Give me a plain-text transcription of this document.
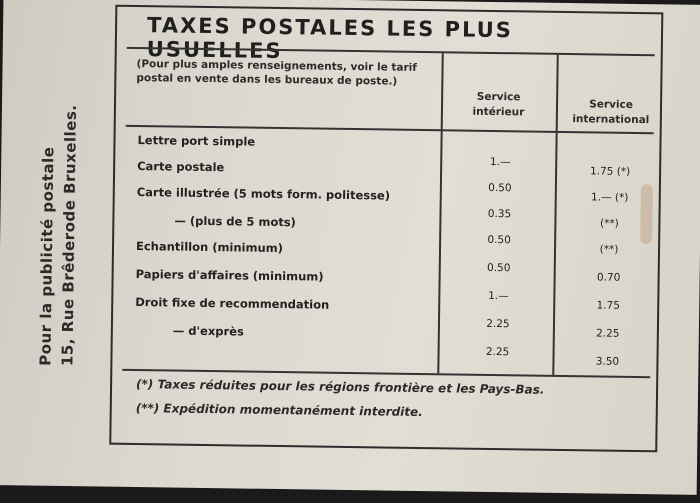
Pour la publicité postale 15, Rue Brêderode Bruxelles.
TAXES POSTALES LES PLUS USUELLES
(Pour plus amples renseignements, voir le tarif postal en vente dans les bureaux de poste.)
Service intérieur
Service international
Lettre port simple
1.—
1.75 (*)
Carte postale
0.50
1.— (*)
Carte illustrée (5 mots form. politesse)
0.35
(**)
— (plus de 5 mots)
0.50
(**)
Echantillon (minimum)
0.50
0.70
Papiers d'affaires (minimum)
1.—
1.75
Droit fixe de recommendation
2.25
2.25
— d'exprès
2.25
3.50
(*) Taxes réduites pour les régions frontière et les Pays-Bas.
(**) Expédition momentanément interdite.
